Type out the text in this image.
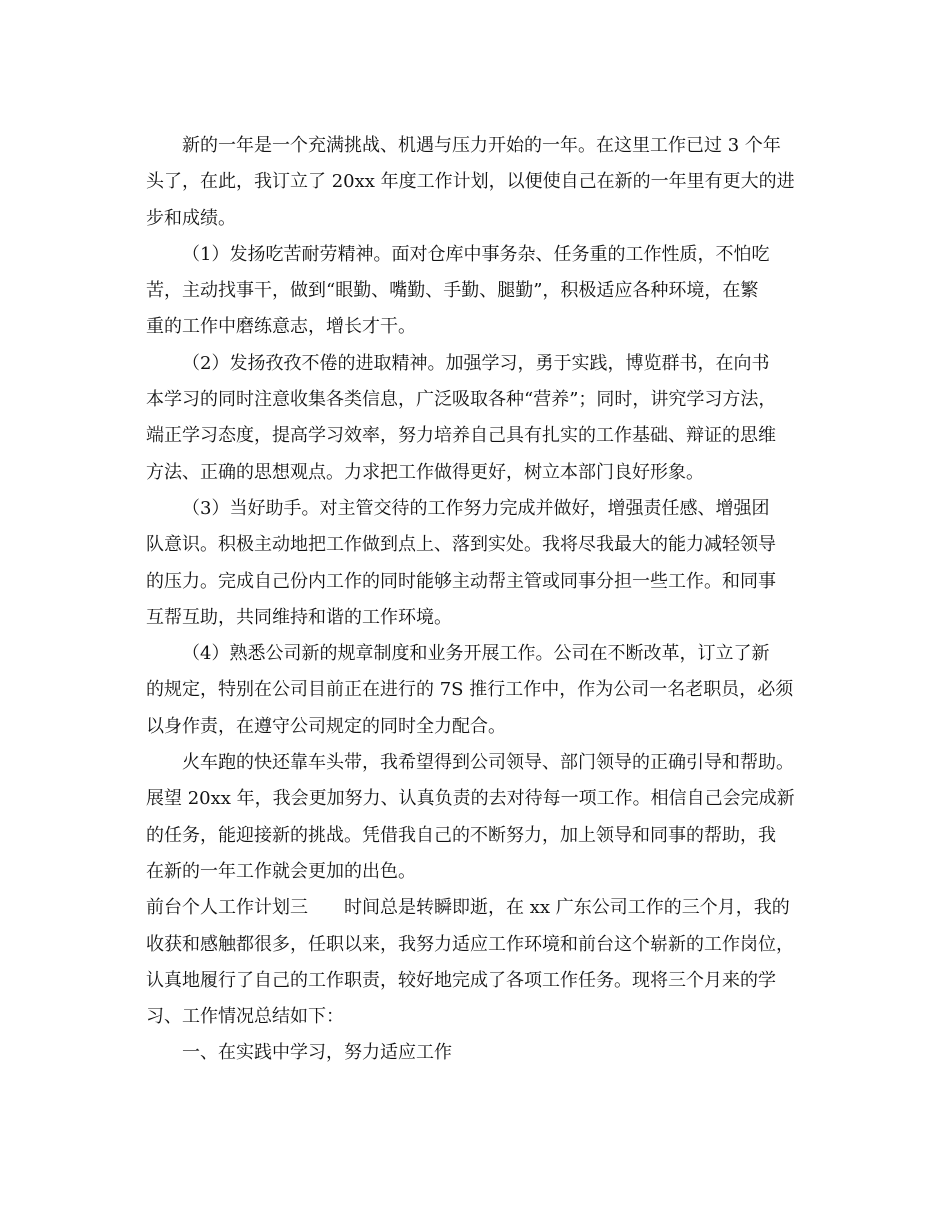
新的一年是一个充满挑战、机遇与压力开始的一年。在这里工作已过 3 个年

头了，在此，我订立了 20xx 年度工作计划，以便使自己在新的一年里有更大的进

步和成绩。

（1）发扬吃苦耐劳精神。面对仓库中事务杂、任务重的工作性质，不怕吃

苦，主动找事干，做到“眼勤、嘴勤、手勤、腿勤”，积极适应各种环境，在繁

重的工作中磨练意志，增长才干。

（2）发扬孜孜不倦的进取精神。加强学习，勇于实践，博览群书，在向书

本学习的同时注意收集各类信息，广泛吸取各种“营养”；同时，讲究学习方法，

端正学习态度，提高学习效率，努力培养自己具有扎实的工作基础、辩证的思维

方法、正确的思想观点。力求把工作做得更好，树立本部门良好形象。

（3）当好助手。对主管交待的工作努力完成并做好，增强责任感、增强团

队意识。积极主动地把工作做到点上、落到实处。我将尽我最大的能力减轻领导

的压力。完成自己份内工作的同时能够主动帮主管或同事分担一些工作。和同事

互帮互助，共同维持和谐的工作环境。

（4）熟悉公司新的规章制度和业务开展工作。公司在不断改革，订立了新

的规定，特别在公司目前正在进行的 7S 推行工作中，作为公司一名老职员，必须

以身作责，在遵守公司规定的同时全力配合。

火车跑的快还靠车头带，我希望得到公司领导、部门领导的正确引导和帮助。

展望 20xx 年，我会更加努力、认真负责的去对待每一项工作。相信自己会完成新

的任务，能迎接新的挑战。凭借我自己的不断努力，加上领导和同事的帮助，我

在新的一年工作就会更加的出色。

前台个人工作计划三　　时间总是转瞬即逝，在 xx 广东公司工作的三个月，我的

收获和感触都很多，任职以来，我努力适应工作环境和前台这个崭新的工作岗位，

认真地履行了自己的工作职责，较好地完成了各项工作任务。现将三个月来的学

习、工作情况总结如下：

一、在实践中学习，努力适应工作
